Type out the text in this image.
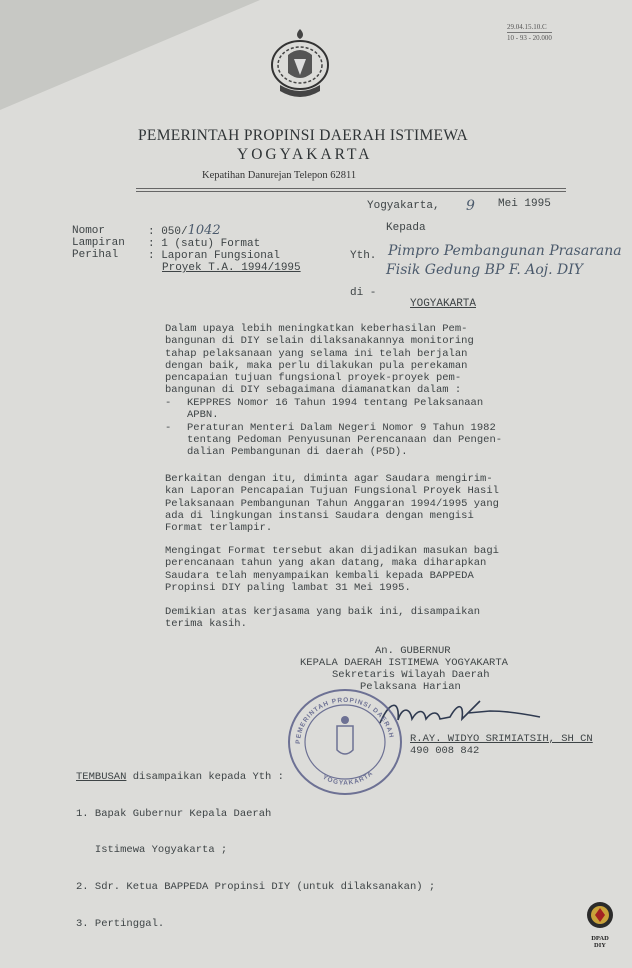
29.04.15.10.C
10 - 93 - 20.000
PEMERINTAH PROPINSI DAERAH ISTIMEWA
YOGYAKARTA
Kepatihan Danurejan Telepon 62811
Yogyakarta, 9 Mei 1995
Nomor
Lampiran
Perihal
: 050/1042
: 1 (satu) Format
: Laporan Fungsional
Proyek T.A. 1994/1995
Kepada
Yth. Pimpro Pembangunan Prasarana
Fisik Gedung BP F. Aoj. DIY
di -
YOGYAKARTA
Dalam upaya lebih meningkatkan keberhasilan Pem-
bangunan di DIY selain dilaksanakannya monitoring
tahap pelaksanaan yang selama ini telah berjalan
dengan baik, maka perlu dilakukan pula perekaman
pencapaian tujuan fungsional proyek-proyek pem-
bangunan di DIY sebagaimana diamanatkan dalam :
- KEPPRES Nomor 16 Tahun 1994 tentang Pelaksanaan
APBN.
- Peraturan Menteri Dalam Negeri Nomor 9 Tahun 1982
tentang Pedoman Penyusunan Perencanaan dan Pengen-
dalian Pembangunan di daerah (P5D).
Berkaitan dengan itu, diminta agar Saudara mengirim-
kan Laporan Pencapaian Tujuan Fungsional Proyek Hasil
Pelaksanaan Pembangunan Tahun Anggaran 1994/1995 yang
ada di lingkungan instansi Saudara dengan mengisi
Format terlampir.
Mengingat Format tersebut akan dijadikan masukan bagi
perencanaan tahun yang akan datang, maka diharapkan
Saudara telah menyampaikan kembali kepada BAPPEDA
Propinsi DIY paling lambat 31 Mei 1995.
Demikian atas kerjasama yang baik ini, disampaikan
terima kasih.
An. GUBERNUR
KEPALA DAERAH ISTIMEWA YOGYAKARTA
Sekretaris Wilayah Daerah
Pelaksana Harian
R.AY. WIDYO SRIMIATSIH, SH CN
490 008 842
PEMERINTAH PROPINSI DAERAH
YOGYAKARTA
TEMBUSAN disampaikan kepada Yth :

1. Bapak Gubernur Kepala Daerah

Istimewa Yogyakarta ;

2. Sdr. Ketua BAPPEDA Propinsi DIY (untuk dilaksanakan) ;

3. Pertinggal.

DPAD
DIY
